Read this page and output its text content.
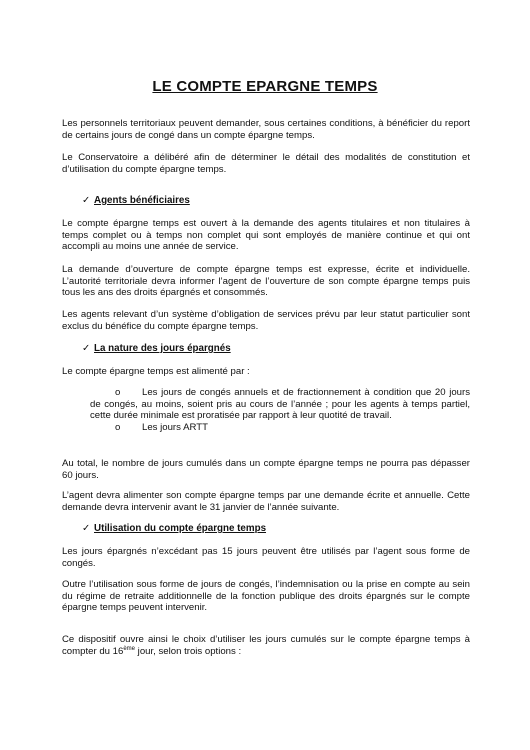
LE COMPTE EPARGNE TEMPS

Les personnels territoriaux peuvent demander, sous certaines conditions, à bénéficier du report de certains jours de congé dans un compte épargne temps.

Le Conservatoire a délibéré afin de déterminer le détail des modalités de constitution et d’utilisation du compte épargne temps.

✓ Agents bénéficiaires

Le compte épargne temps est ouvert à la demande des agents titulaires et non titulaires à temps complet ou à temps non complet qui sont employés de manière continue et qui ont accompli au moins une année de service.

La demande d’ouverture de compte épargne temps est expresse, écrite et individuelle. L’autorité territoriale devra informer l’agent de l’ouverture de son compte épargne temps puis tous les ans des droits épargnés et consommés.

Les agents relevant d’un système d’obligation de services prévu par leur statut particulier sont exclus du bénéfice du compte épargne temps.

✓ La nature des jours épargnés

Le compte épargne temps est alimenté par :

o	Les jours de congés annuels et de fractionnement à condition que 20 jours de congés, au moins, soient pris au cours de l’année ; pour les agents à temps partiel, cette durée minimale est proratisée par rapport à leur quotité de travail.
o Les jours ARTT

Au total, le nombre de jours cumulés dans un compte épargne temps ne pourra pas dépasser 60 jours.

L’agent devra alimenter son compte épargne temps par une demande écrite et annuelle. Cette demande devra intervenir avant le 31 janvier de l’année suivante.

✓ Utilisation du compte épargne temps

Les jours épargnés n’excédant pas 15 jours peuvent être utilisés par l’agent sous forme de congés.

Outre l’utilisation sous forme de jours de congés, l’indemnisation ou la prise en compte au sein du régime de retraite additionnelle de la fonction publique des droits épargnés sur le compte épargne temps peuvent intervenir.

Ce dispositif ouvre ainsi le choix d’utiliser les jours cumulés sur le compte épargne temps à compter du 16ème jour, selon trois options :
